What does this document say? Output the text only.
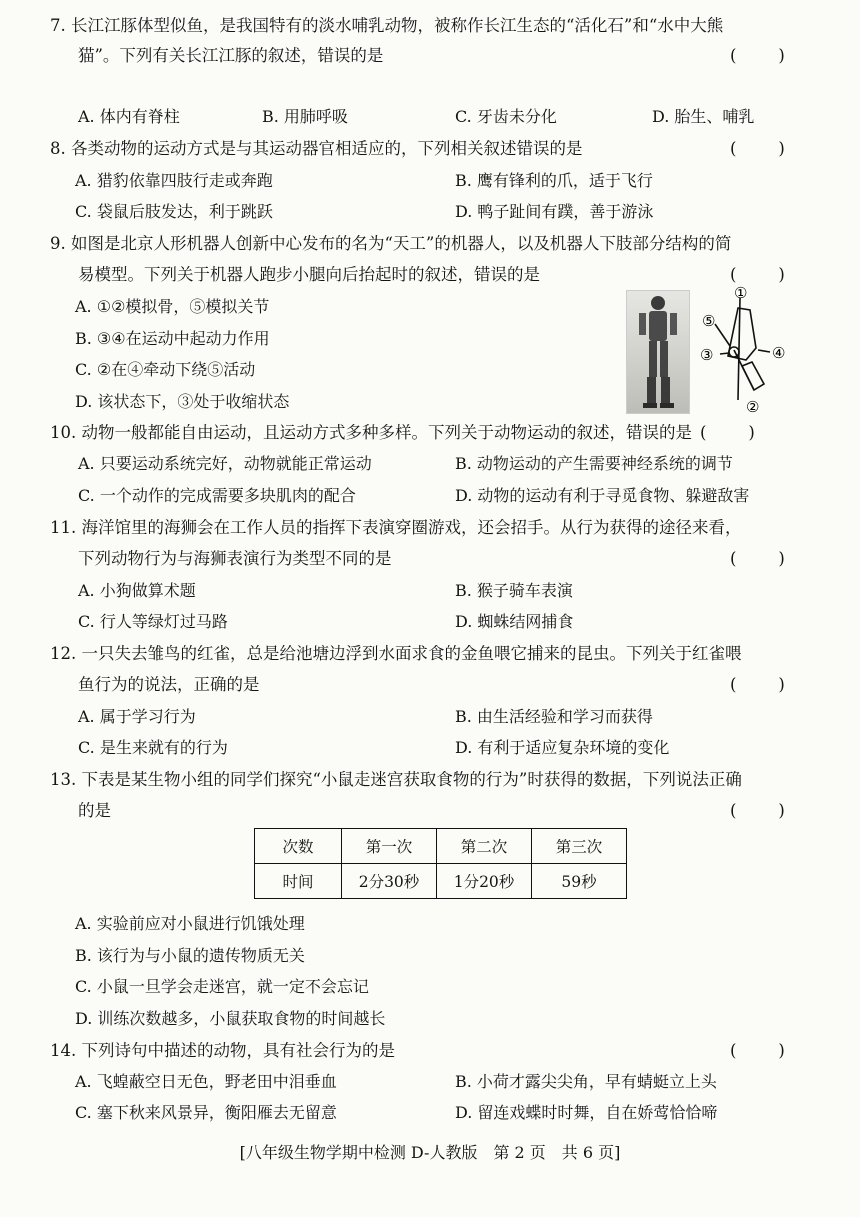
7. 长江江豚体型似鱼，是我国特有的淡水哺乳动物，被称作长江生态的“活化石”和“水中大熊
猫”。下列有关长江江豚的叙述，错误的是	(        )
A. 体内有脊柱	B. 用肺呼吸	C. 牙齿未分化	D. 胎生、哺乳
8. 各类动物的运动方式是与其运动器官相适应的，下列相关叙述错误的是	(        )
A. 猎豹依靠四肢行走或奔跑	B. 鹰有锋利的爪，适于飞行
C. 袋鼠后肢发达，利于跳跃	D. 鸭子趾间有蹼，善于游泳
9. 如图是北京人形机器人创新中心发布的名为“天工”的机器人，以及机器人下肢部分结构的简
易模型。下列关于机器人跑步小腿向后抬起时的叙述，错误的是	(        )
A. ①②模拟骨，⑤模拟关节
B. ③④在运动中起动力作用
C. ②在④牵动下绕⑤活动
D. 该状态下，③处于收缩状态
①
②
③	④
⑤
10. 动物一般都能自由运动，且运动方式多种多样。下列关于动物运动的叙述，错误的是 (        )
A. 只要运动系统完好，动物就能正常运动	B. 动物运动的产生需要神经系统的调节
C. 一个动作的完成需要多块肌肉的配合	D. 动物的运动有利于寻觅食物、躲避敌害
11. 海洋馆里的海狮会在工作人员的指挥下表演穿圈游戏，还会招手。从行为获得的途径来看，
下列动物行为与海狮表演行为类型不同的是	(        )
A. 小狗做算术题	B. 猴子骑车表演
C. 行人等绿灯过马路	D. 蜘蛛结网捕食
12. 一只失去雏鸟的红雀，总是给池塘边浮到水面求食的金鱼喂它捕来的昆虫。下列关于红雀喂
鱼行为的说法，正确的是	(        )
A. 属于学习行为	B. 由生活经验和学习而获得
C. 是生来就有的行为	D. 有利于适应复杂环境的变化
13. 下表是某生物小组的同学们探究“小鼠走迷宫获取食物的行为”时获得的数据，下列说法正确
的是	(        )
次数	第一次	第二次	第三次
时间	2分30秒	1分20秒	59秒
A. 实验前应对小鼠进行饥饿处理
B. 该行为与小鼠的遗传物质无关
C. 小鼠一旦学会走迷宫，就一定不会忘记
D. 训练次数越多，小鼠获取食物的时间越长
14. 下列诗句中描述的动物，具有社会行为的是	(        )
A. 飞蝗蔽空日无色，野老田中泪垂血	B. 小荷才露尖尖角，早有蜻蜓立上头
C. 塞下秋来风景异，衡阳雁去无留意	D. 留连戏蝶时时舞，自在娇莺恰恰啼
[八年级生物学期中检测 D-人教版　第 2 页　共 6 页]
